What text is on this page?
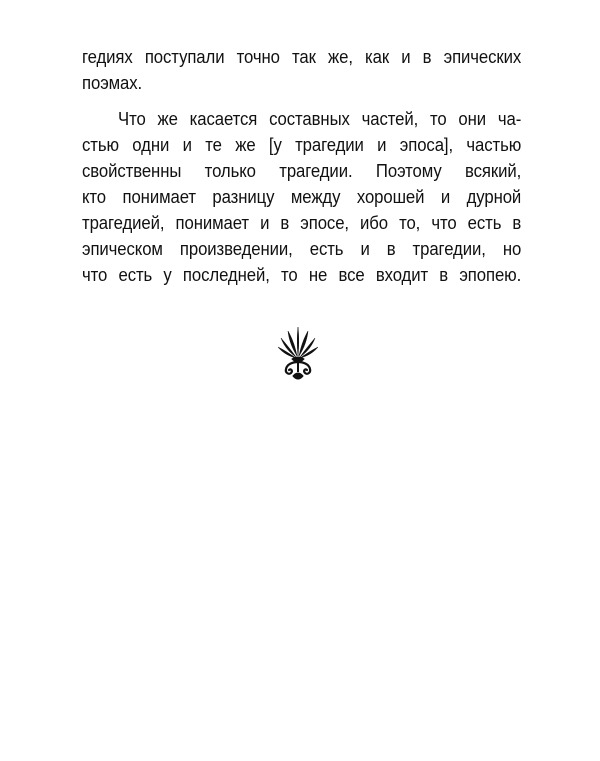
гедиях поступали точно так же, как и в эпических
поэмах.
Что же касается составных частей, то они ча-
стью одни и те же [у трагедии и эпоса], частью
свойственны только трагедии. Поэтому всякий,
кто понимает разницу между хорошей и дурной
трагедией, понимает и в эпосе, ибо то, что есть в
эпическом произведении, есть и в трагедии, но
что есть у последней, то не все входит в эпопею.
